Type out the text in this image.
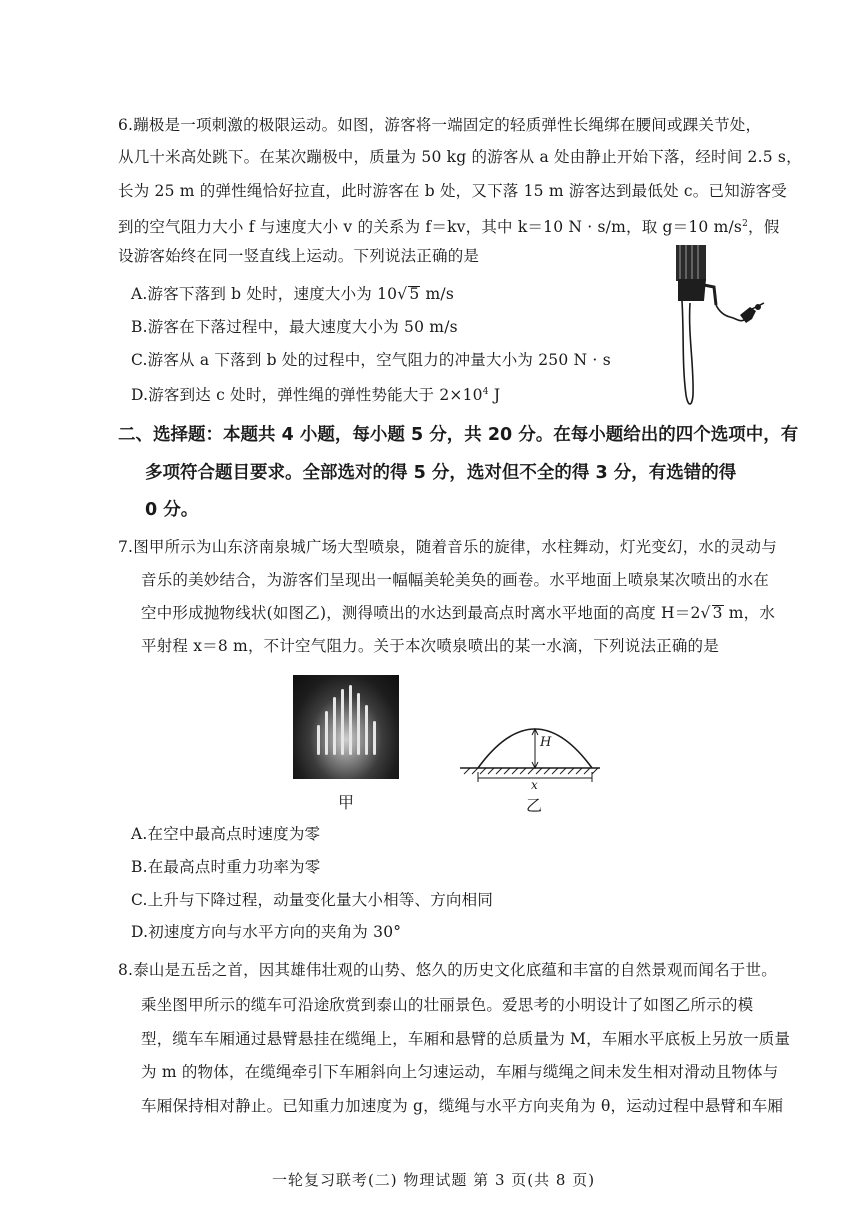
6.蹦极是一项刺激的极限运动。如图，游客将一端固定的轻质弹性长绳绑在腰间或踝关节处，
从几十米高处跳下。在某次蹦极中，质量为 50 kg 的游客从 a 处由静止开始下落，经时间 2.5 s，
长为 25 m 的弹性绳恰好拉直，此时游客在 b 处，又下落 15 m 游客达到最低处 c。已知游客受
到的空气阻力大小 f 与速度大小 v 的关系为 f＝kv，其中 k＝10 N · s/m，取 g＝10 $m/s^2$，假
设游客始终在同一竖直线上运动。下列说法正确的是
A.游客下落到 b 处时，速度大小为 10√ 5 m/s
B.游客在下落过程中，最大速度大小为 50 m/s
C.游客从 a 下落到 b 处的过程中，空气阻力的冲量大小为 250 N · s
D.游客到达 c 处时，弹性绳的弹性势能大于 $2\times 10^4$ J
二、选择题：本题共 4 小题，每小题 5 分，共 20 分。在每小题给出的四个选项中，有
多项符合题目要求。全部选对的得 5 分，选对但不全的得 3 分，有选错的得
0 分。
7.图甲所示为山东济南泉城广场大型喷泉，随着音乐的旋律，水柱舞动，灯光变幻，水的灵动与
音乐的美妙结合，为游客们呈现出一幅幅美轮美奂的画卷。水平地面上喷泉某次喷出的水在
空中形成抛物线状(如图乙)，测得喷出的水达到最高点时离水平地面的高度 H＝2√ 3 m，水
平射程 x＝8 m，不计空气阻力。关于本次喷泉喷出的某一水滴，下列说法正确的是
甲
H
x
乙
A.在空中最高点时速度为零
B.在最高点时重力功率为零
C.上升与下降过程，动量变化量大小相等、方向相同
D.初速度方向与水平方向的夹角为 30°
8.泰山是五岳之首，因其雄伟壮观的山势、悠久的历史文化底蕴和丰富的自然景观而闻名于世。
乘坐图甲所示的缆车可沿途欣赏到泰山的壮丽景色。爱思考的小明设计了如图乙所示的模
型，缆车车厢通过悬臂悬挂在缆绳上，车厢和悬臂的总质量为 M，车厢水平底板上另放一质量
为 m 的物体，在缆绳牵引下车厢斜向上匀速运动，车厢与缆绳之间未发生相对滑动且物体与
车厢保持相对静止。已知重力加速度为 g，缆绳与水平方向夹角为 θ，运动过程中悬臂和车厢
一轮复习联考(二) 物理试题 第 3 页(共 8 页)
